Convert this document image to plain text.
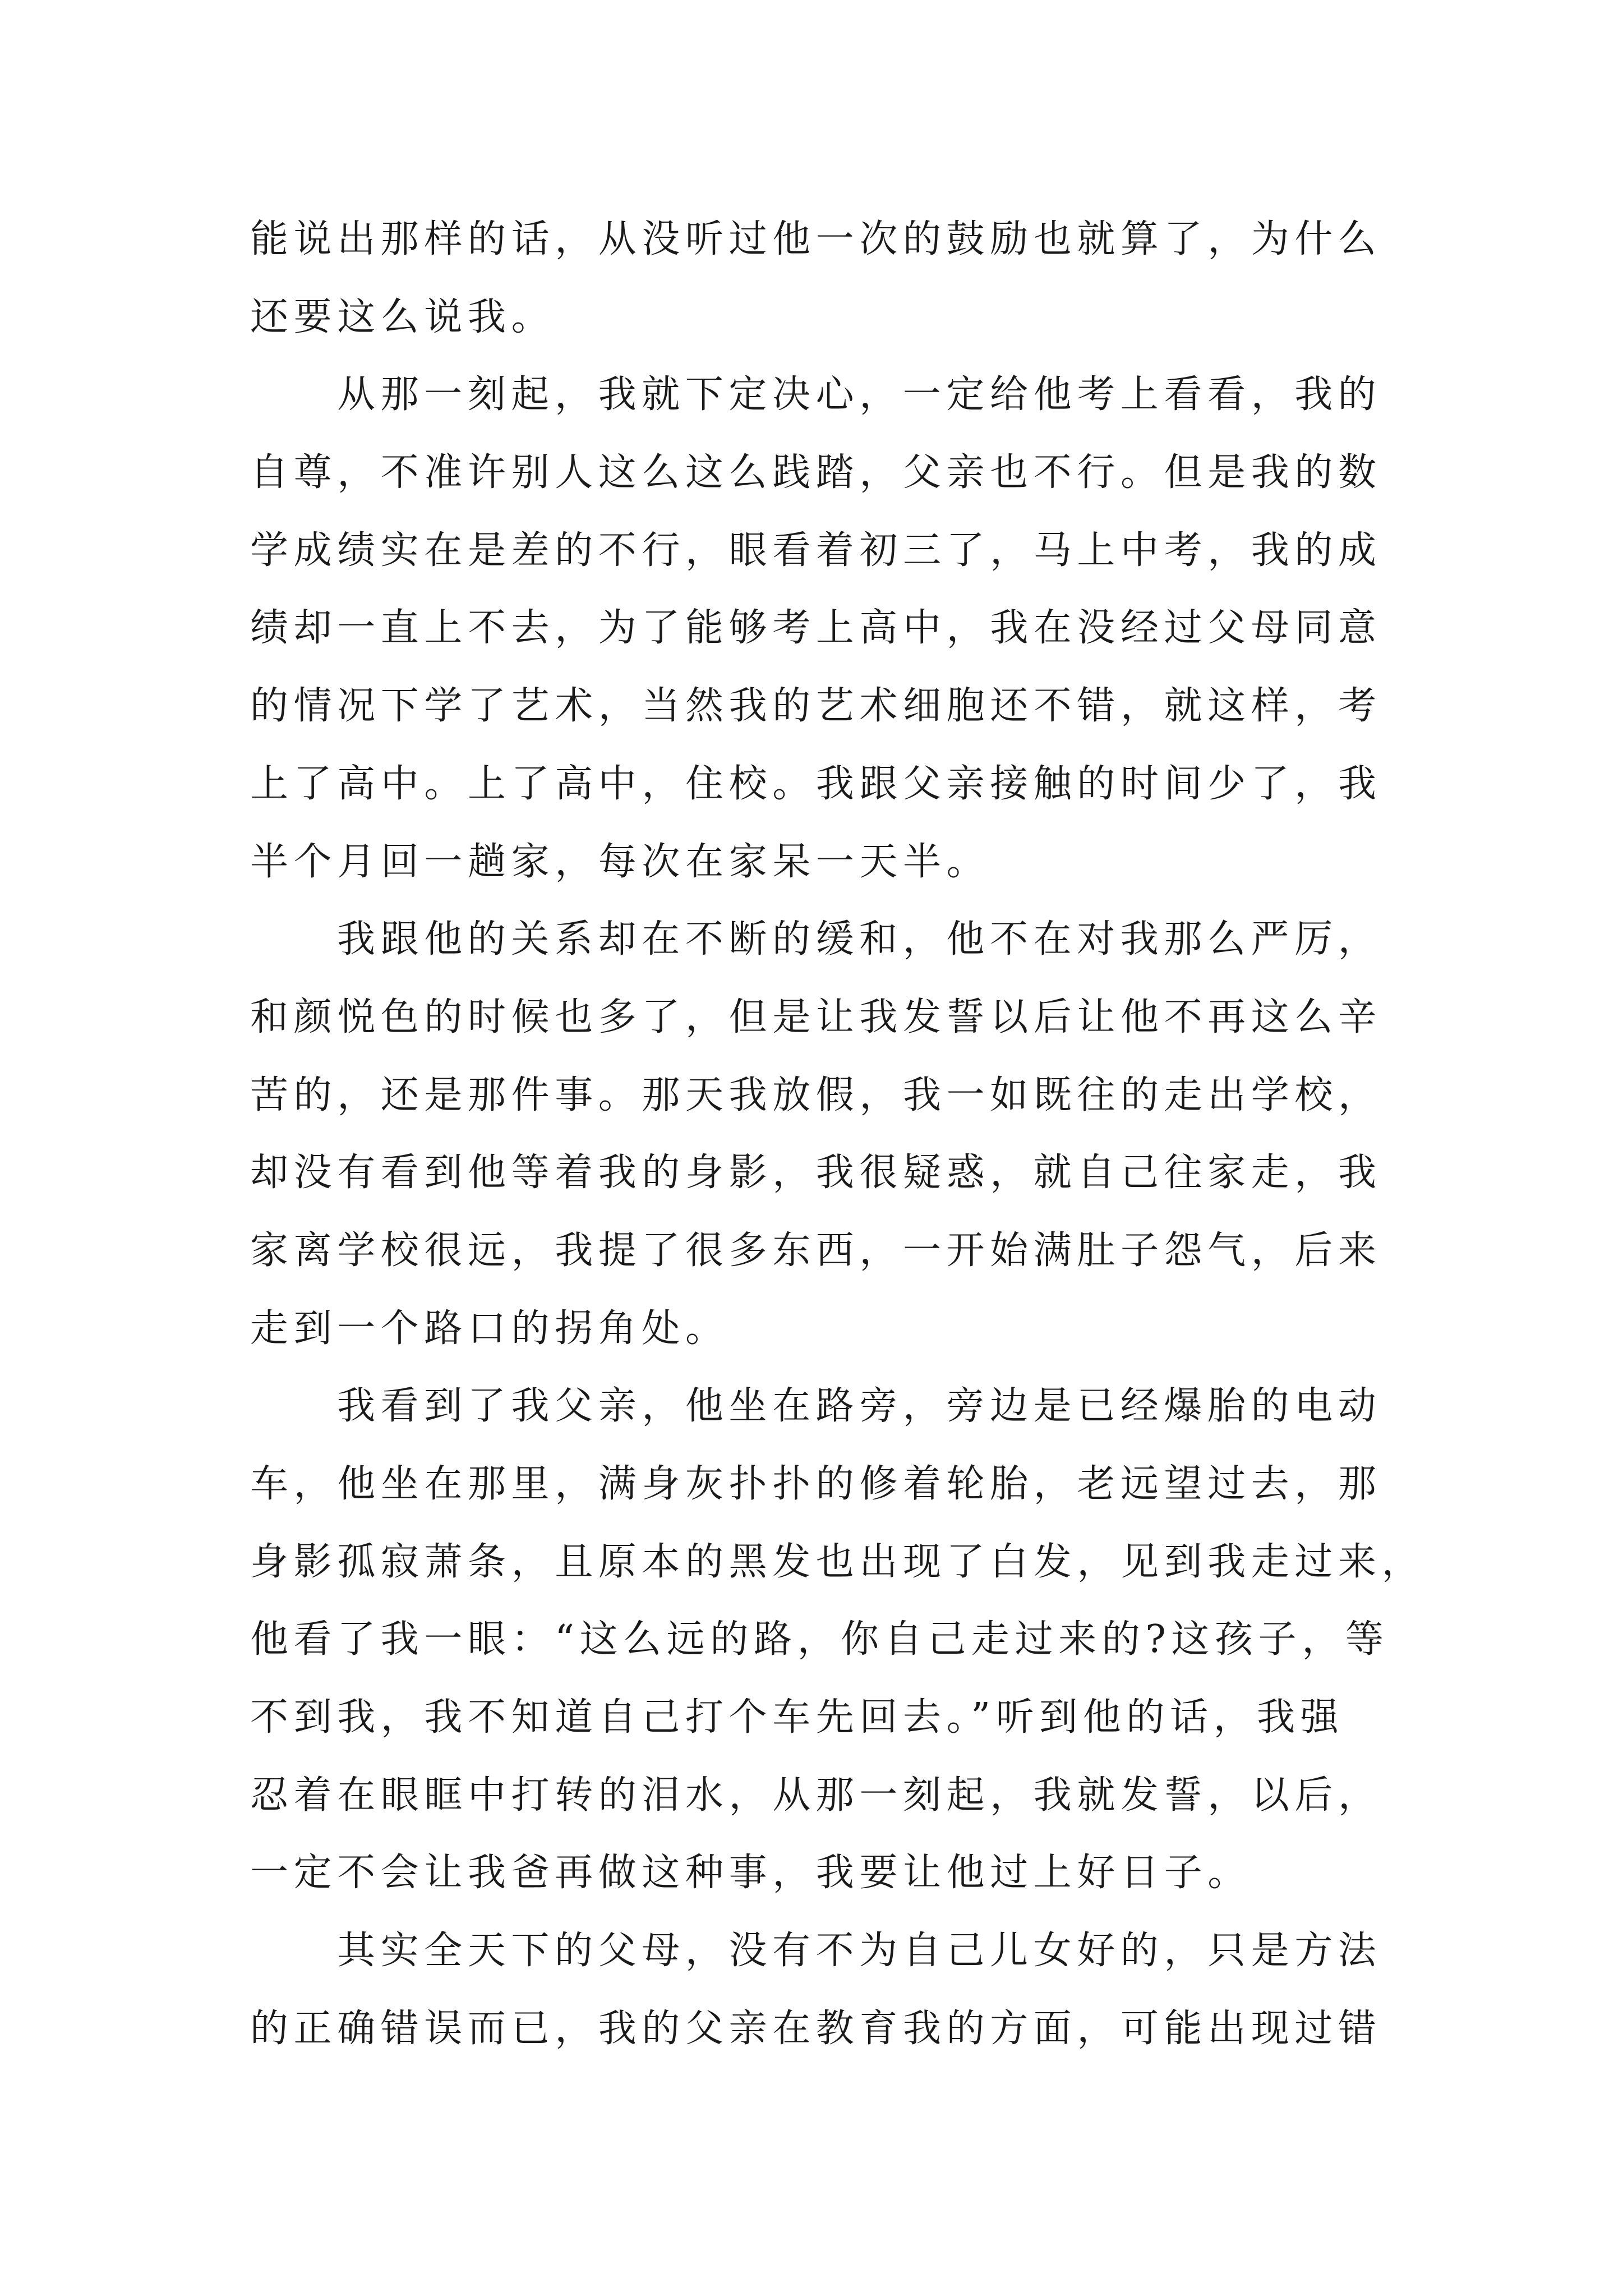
能说出那样的话，从没听过他一次的鼓励也就算了，为什么
还要这么说我。
从那一刻起，我就下定决心，一定给他考上看看，我的
自尊，不准许别人这么这么践踏，父亲也不行。但是我的数
学成绩实在是差的不行，眼看着初三了，马上中考，我的成
绩却一直上不去，为了能够考上高中，我在没经过父母同意
的情况下学了艺术，当然我的艺术细胞还不错，就这样，考
上了高中。上了高中，住校。我跟父亲接触的时间少了，我
半个月回一趟家，每次在家呆一天半。
我跟他的关系却在不断的缓和，他不在对我那么严厉，
和颜悦色的时候也多了，但是让我发誓以后让他不再这么辛
苦的，还是那件事。那天我放假，我一如既往的走出学校，
却没有看到他等着我的身影，我很疑惑，就自己往家走，我
家离学校很远，我提了很多东西，一开始满肚子怨气，后来
走到一个路口的拐角处。
我看到了我父亲，他坐在路旁，旁边是已经爆胎的电动
车，他坐在那里，满身灰扑扑的修着轮胎，老远望过去，那
身影孤寂萧条，且原本的黑发也出现了白发，见到我走过来，
他看了我一眼：“这么远的路，你自己走过来的?这孩子，等
不到我，我不知道自己打个车先回去。”听到他的话，我强
忍着在眼眶中打转的泪水，从那一刻起，我就发誓，以后，
一定不会让我爸再做这种事，我要让他过上好日子。
其实全天下的父母，没有不为自己儿女好的，只是方法
的正确错误而已，我的父亲在教育我的方面，可能出现过错
